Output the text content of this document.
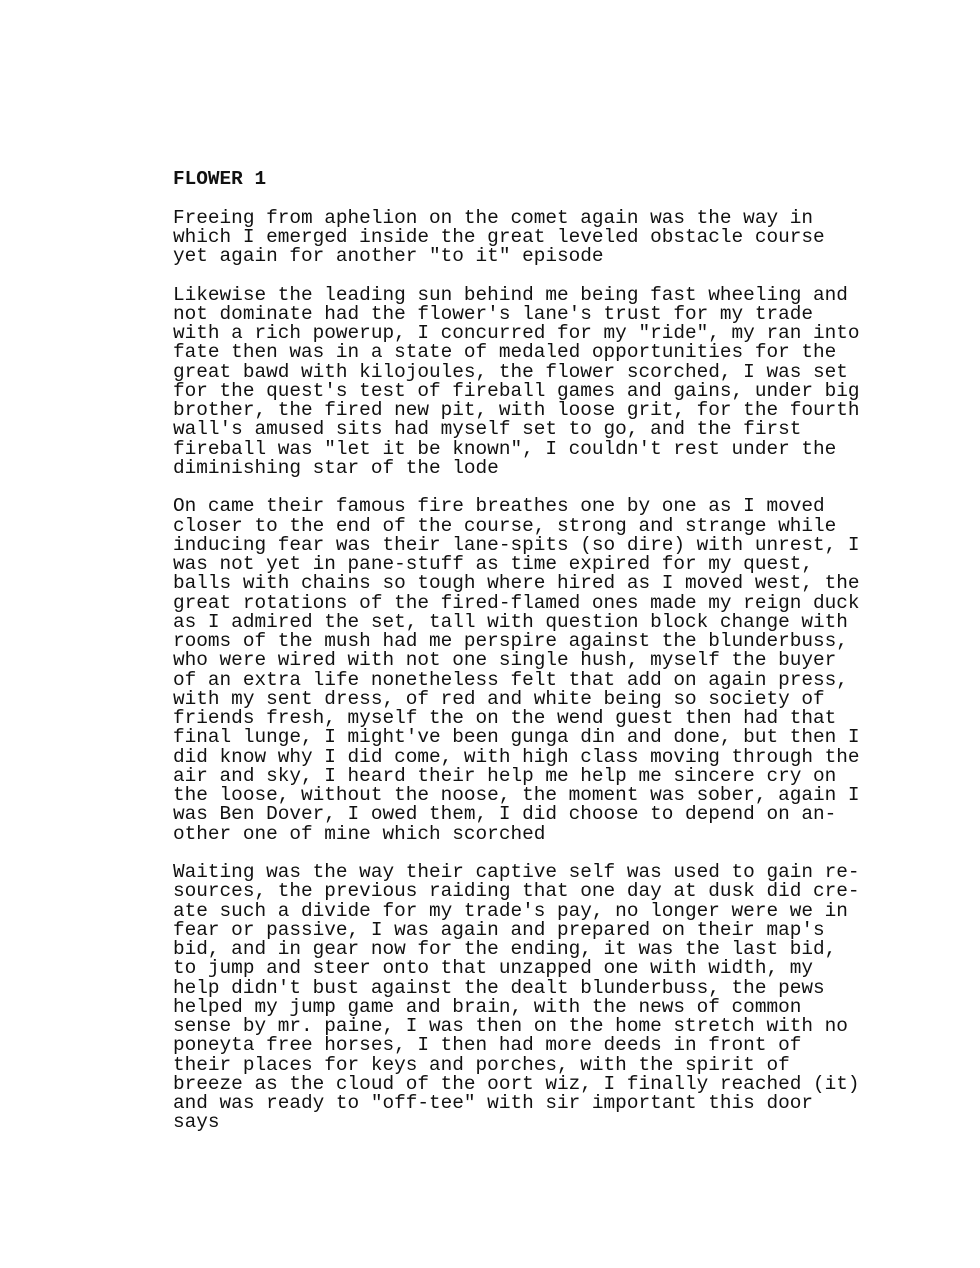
FLOWER 1
Freeing from aphelion on the comet again was the way in
which I emerged inside the great leveled obstacle course
yet again for another "to it" episode
Likewise the leading sun behind me being fast wheeling and
not dominate had the flower's lane's trust for my trade
with a rich powerup, I concurred for my "ride", my ran into
fate then was in a state of medaled opportunities for the
great bawd with kilojoules, the flower scorched, I was set
for the quest's test of fireball games and gains, under big
brother, the fired new pit, with loose grit, for the fourth
wall's amused sits had myself set to go, and the first
fireball was "let it be known", I couldn't rest under the
diminishing star of the lode
On came their famous fire breathes one by one as I moved
closer to the end of the course, strong and strange while
inducing fear was their lane-spits (so dire) with unrest, I
was not yet in pane-stuff as time expired for my quest,
balls with chains so tough where hired as I moved west, the
great rotations of the fired-flamed ones made my reign duck
as I admired the set, tall with question block change with
rooms of the mush had me perspire against the blunderbuss,
who were wired with not one single hush, myself the buyer
of an extra life nonetheless felt that add on again press,
with my sent dress, of red and white being so society of
friends fresh, myself the on the wend guest then had that
final lunge, I might've been gunga din and done, but then I
did know why I did come, with high class moving through the
air and sky, I heard their help me help me sincere cry on
the loose, without the noose, the moment was sober, again I
was Ben Dover, I owed them, I did choose to depend on an-
other one of mine which scorched
Waiting was the way their captive self was used to gain re-
sources, the previous raiding that one day at dusk did cre-
ate such a divide for my trade's pay, no longer were we in
fear or passive, I was again and prepared on their map's
bid, and in gear now for the ending, it was the last bid,
to jump and steer onto that unzapped one with width, my
help didn't bust against the dealt blunderbuss, the pews
helped my jump game and brain, with the news of common
sense by mr. paine, I was then on the home stretch with no
poneyta free horses, I then had more deeds in front of
their places for keys and porches, with the spirit of
breeze as the cloud of the oort wiz, I finally reached (it)
and was ready to "off-tee" with sir important this door
says
